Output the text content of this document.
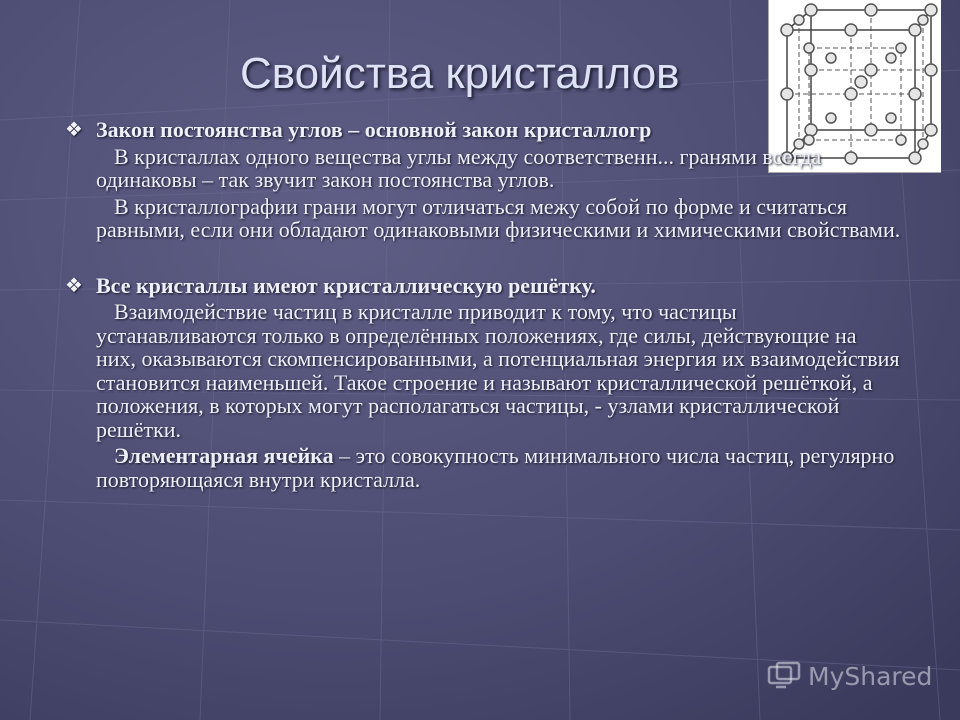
Свойства кристаллов
❖ Закон постоянства углов – основной закон кристаллогр
В кристаллах одного вещества углы между соответственн... гранями всегда одинаковы – так звучит закон постоянства углов.
В кристаллографии грани могут отличаться межу собой по форме и считаться равными, если они обладают одинаковыми физическими и химическими свойствами.
❖ Все кристаллы имеют кристаллическую решётку.
Взаимодействие частиц в кристалле приводит к тому, что частицы устанавливаются только в определённых положениях, где силы, действующие на них, оказываются скомпенсированными, а потенциальная энергия их взаимодействия становится наименьшей. Такое строение и называют кристаллической решёткой, а положения, в которых могут располагаться частицы, - узлами кристаллической решётки.
Элементарная ячейка – это совокупность минимального числа частиц, регулярно повторяющаяся внутри кристалла.
MyShared
